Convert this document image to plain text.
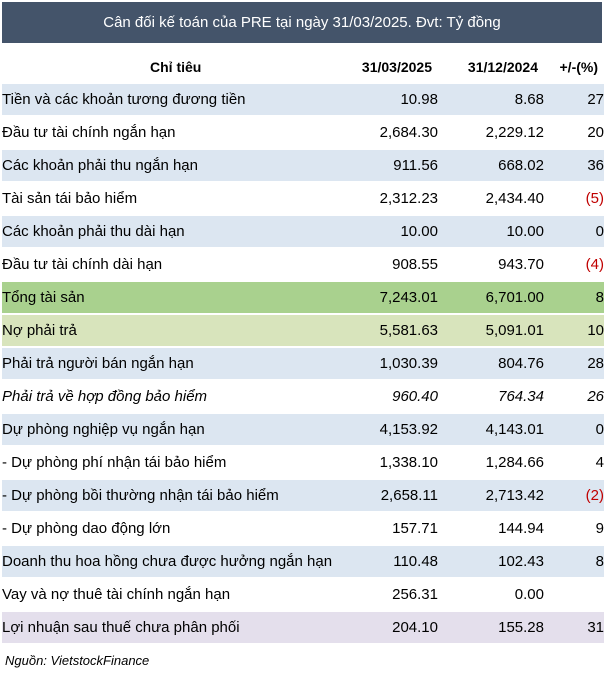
Cân đối kế toán của PRE tại ngày 31/03/2025. Đvt: Tỷ đồng
Chỉ tiêu	31/03/2025	31/12/2024	+/-(%)
Tiền và các khoản tương đương tiền	10.98	8.68	27
Đầu tư tài chính ngắn hạn	2,684.30	2,229.12	20
Các khoản phải thu ngắn hạn	911.56	668.02	36
Tài sản tái bảo hiểm	2,312.23	2,434.40	(5)
Các khoản phải thu dài hạn	10.00	10.00	0
Đầu tư tài chính dài hạn	908.55	943.70	(4)
Tổng tài sản	7,243.01	6,701.00	8
Nợ phải trả	5,581.63	5,091.01	10
Phải trả người bán ngắn hạn	1,030.39	804.76	28
Phải trả về hợp đồng bảo hiểm	960.40	764.34	26
Dự phòng nghiệp vụ ngắn hạn	4,153.92	4,143.01	0
- Dự phòng phí nhận tái bảo hiểm	1,338.10	1,284.66	4
- Dự phòng bồi thường nhận tái bảo hiểm	2,658.11	2,713.42	(2)
- Dự phòng dao động lớn	157.71	144.94	9
Doanh thu hoa hồng chưa được hưởng ngắn hạn	110.48	102.43	8
Vay và nợ thuê tài chính ngắn hạn	256.31	0.00	
Lợi nhuận sau thuế chưa phân phối	204.10	155.28	31
Nguồn: VietstockFinance
